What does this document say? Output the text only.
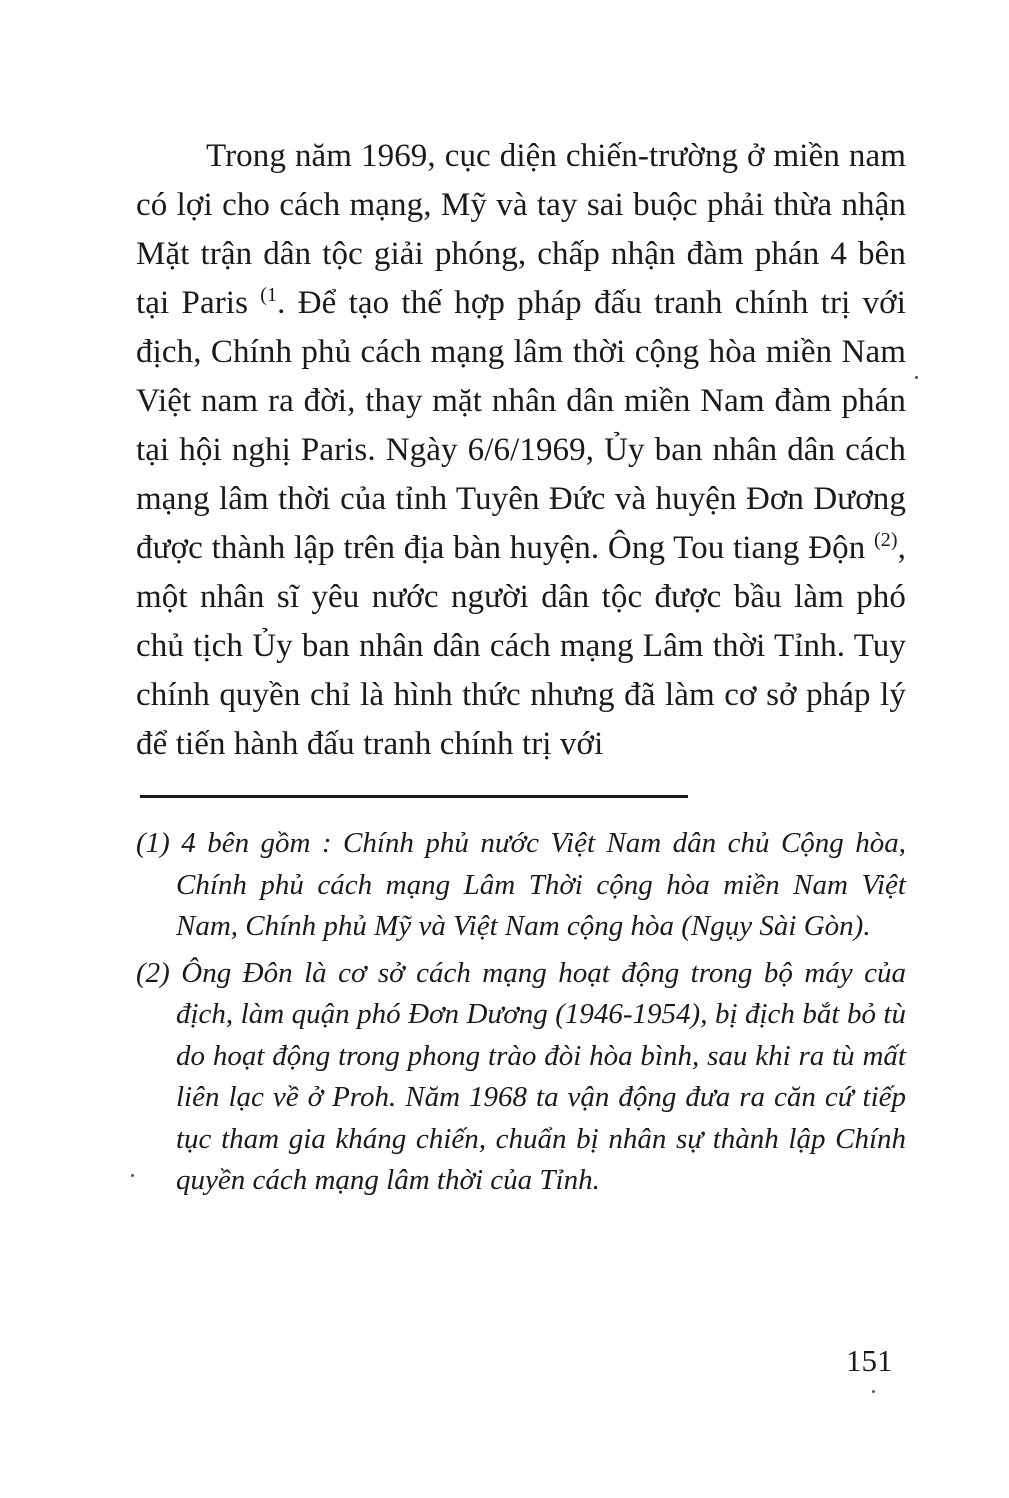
Trong năm 1969, cục diện chiến-trường ở miền nam có lợi cho cách mạng, Mỹ và tay sai buộc phải thừa nhận Mặt trận dân tộc giải phóng, chấp nhận đàm phán 4 bên tại Paris $^{(1}$. Để tạo thế hợp pháp đấu tranh chính trị với địch, Chính phủ cách mạng lâm thời cộng hòa miền Nam Việt nam ra đời, thay mặt nhân dân miền Nam đàm phán tại hội nghị Paris. Ngày 6/6/1969, Ủy ban nhân dân cách mạng lâm thời của tỉnh Tuyên Đức và huyện Đơn Dương được thành lập trên địa bàn huyện. Ông Tou tiang Độn $^{(2)}$, một nhân sĩ yêu nước người dân tộc được bầu làm phó chủ tịch Ủy ban nhân dân cách mạng Lâm thời Tỉnh. Tuy chính quyền chỉ là hình thức nhưng đã làm cơ sở pháp lý để tiến hành đấu tranh chính trị với

(1) 4 bên gồm : Chính phủ nước Việt Nam dân chủ Cộng hòa, Chính phủ cách mạng Lâm Thời cộng hòa miền Nam Việt Nam, Chính phủ Mỹ và Việt Nam cộng hòa (Ngụy Sài Gòn).

(2) Ông Đôn là cơ sở cách mạng hoạt động trong bộ máy của địch, làm quận phó Đơn Dương (1946-1954), bị địch bắt bỏ tù do hoạt động trong phong trào đòi hòa bình, sau khi ra tù mất liên lạc về ở Proh. Năm 1968 ta vận động đưa ra căn cứ tiếp tục tham gia kháng chiến, chuẩn bị nhân sự thành lập Chính quyền cách mạng lâm thời của Tỉnh.

151
